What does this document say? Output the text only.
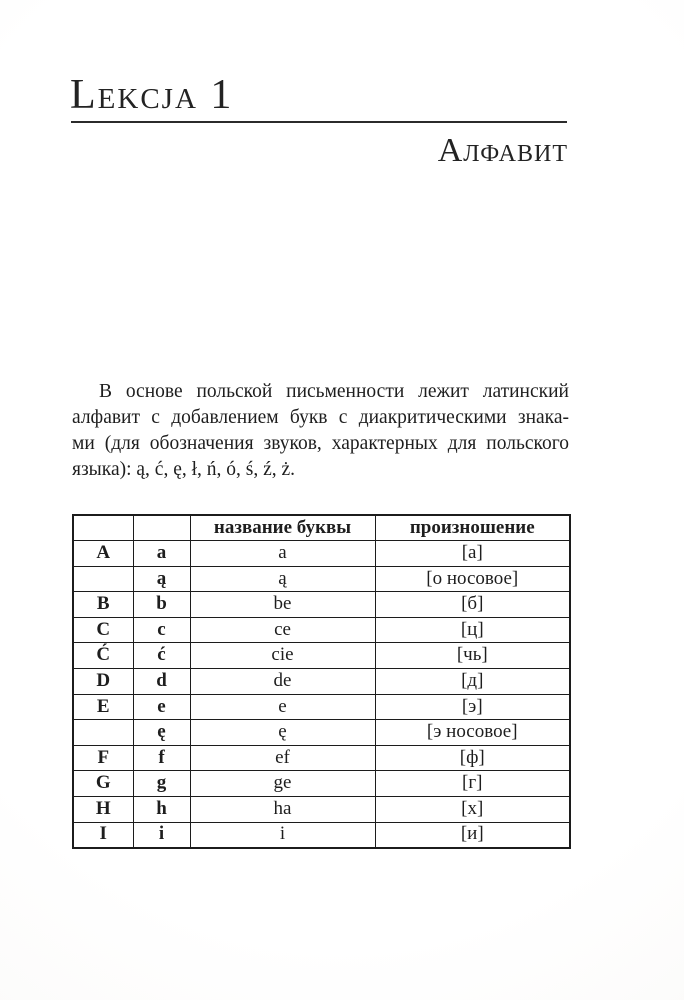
Lekcja 1
Алфавит
В основе польской письменности лежит латинский
алфавит с добавлением букв с диакритическими знака-
ми (для обозначения звуков, характерных для польского
языка): ą, ć, ę, ł, ń, ó, ś, ź, ż.
		название буквы	произношение
A	a	a	[а]
	ą	ą	[о носовое]
B	b	be	[б]
C	c	ce	[ц]
Ć	ć	cie	[чь]
D	d	de	[д]
E	e	e	[э]
	ę	ę	[э носовое]
F	f	ef	[ф]
G	g	ge	[г]
H	h	ha	[х]
I	i	i	[и]
